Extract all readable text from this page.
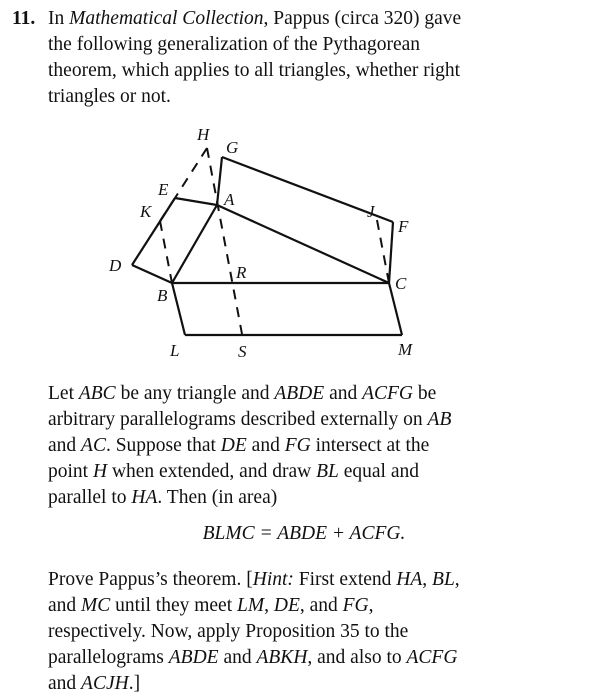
11. In Mathematical Collection, Pappus (circa 320) gave
the following generalization of the Pythagorean
theorem, which applies to all triangles, whether right
triangles or not.
H
G
E
A
K	J
F
D	R
C
B
L	S	M
Let ABC be any triangle and ABDE and ACFG be
arbitrary parallelograms described externally on AB
and AC. Suppose that DE and FG intersect at the
point H when extended, and draw BL equal and
parallel to HA. Then (in area)
BLMC = ABDE + ACFG.
Prove Pappus’s theorem. [Hint: First extend HA, BL,
and MC until they meet LM, DE, and FG,
respectively. Now, apply Proposition 35 to the
parallelograms ABDE and ABKH, and also to ACFG
and ACJH.]
